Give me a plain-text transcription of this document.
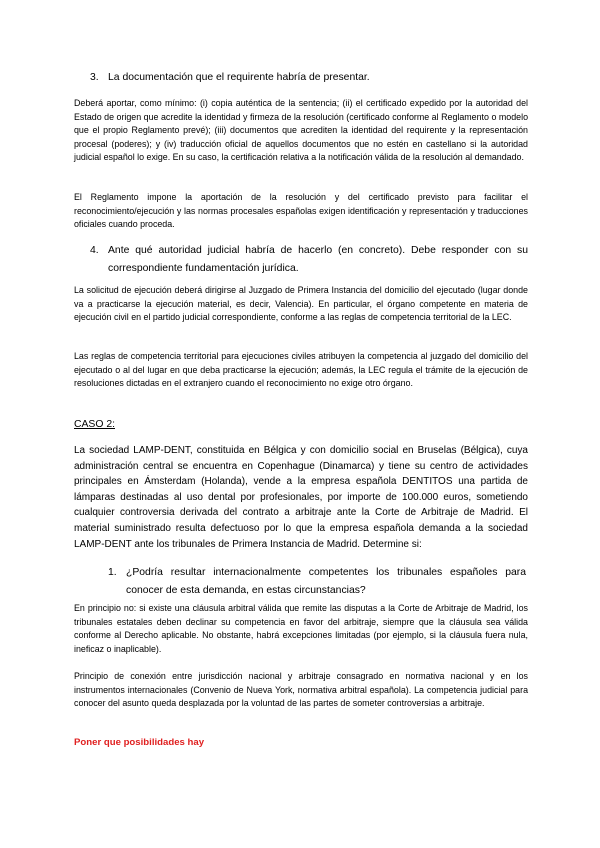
3. La documentación que el requirente habría de presentar.

Deberá aportar, como mínimo: (i) copia auténtica de la sentencia; (ii) el certificado expedido por la autoridad del Estado de origen que acredite la identidad y firmeza de la resolución (certificado conforme al Reglamento o modelo que el propio Reglamento prevé); (iii) documentos que acrediten la identidad del requirente y la representación procesal (poderes); y (iv) traducción oficial de aquellos documentos que no estén en castellano si la autoridad judicial español lo exige. En su caso, la certificación relativa a la notificación válida de la resolución al demandado.

El Reglamento impone la aportación de la resolución y del certificado previsto para facilitar el reconocimiento/ejecución y las normas procesales españolas exigen identificación y representación y traducciones oficiales cuando proceda.

4. Ante qué autoridad judicial habría de hacerlo (en concreto). Debe responder con su correspondiente fundamentación jurídica.

La solicitud de ejecución deberá dirigirse al Juzgado de Primera Instancia del domicilio del ejecutado (lugar donde va a practicarse la ejecución material, es decir, Valencia). En particular, el órgano competente en materia de ejecución civil en el partido judicial correspondiente, conforme a las reglas de competencia territorial de la LEC.

Las reglas de competencia territorial para ejecuciones civiles atribuyen la competencia al juzgado del domicilio del ejecutado o al del lugar en que deba practicarse la ejecución; además, la LEC regula el trámite de la ejecución de resoluciones dictadas en el extranjero cuando el reconocimiento no exige otro órgano.

CASO 2:

La sociedad LAMP-DENT, constituida en Bélgica y con domicilio social en Bruselas (Bélgica), cuya administración central se encuentra en Copenhague (Dinamarca) y tiene su centro de actividades principales en Ámsterdam (Holanda), vende a la empresa española DENTITOS una partida de lámparas destinadas al uso dental por profesionales, por importe de 100.000 euros, sometiendo cualquier controversia derivada del contrato a arbitraje ante la Corte de Arbitraje de Madrid. El material suministrado resulta defectuoso por lo que la empresa española demanda a la sociedad LAMP-DENT ante los tribunales de Primera Instancia de Madrid. Determine si:

1. ¿Podría resultar internacionalmente competentes los tribunales españoles para conocer de esta demanda, en estas circunstancias?

En principio no: si existe una cláusula arbitral válida que remite las disputas a la Corte de Arbitraje de Madrid, los tribunales estatales deben declinar su competencia en favor del arbitraje, siempre que la cláusula sea válida conforme al Derecho aplicable. No obstante, habrá excepciones limitadas (por ejemplo, si la cláusula fuera nula, ineficaz o inaplicable).

Principio de conexión entre jurisdicción nacional y arbitraje consagrado en normativa nacional y en los instrumentos internacionales (Convenio de Nueva York, normativa arbitral española). La competencia judicial para conocer del asunto queda desplazada por la voluntad de las partes de someter controversias a arbitraje.

Poner que posibilidades hay
